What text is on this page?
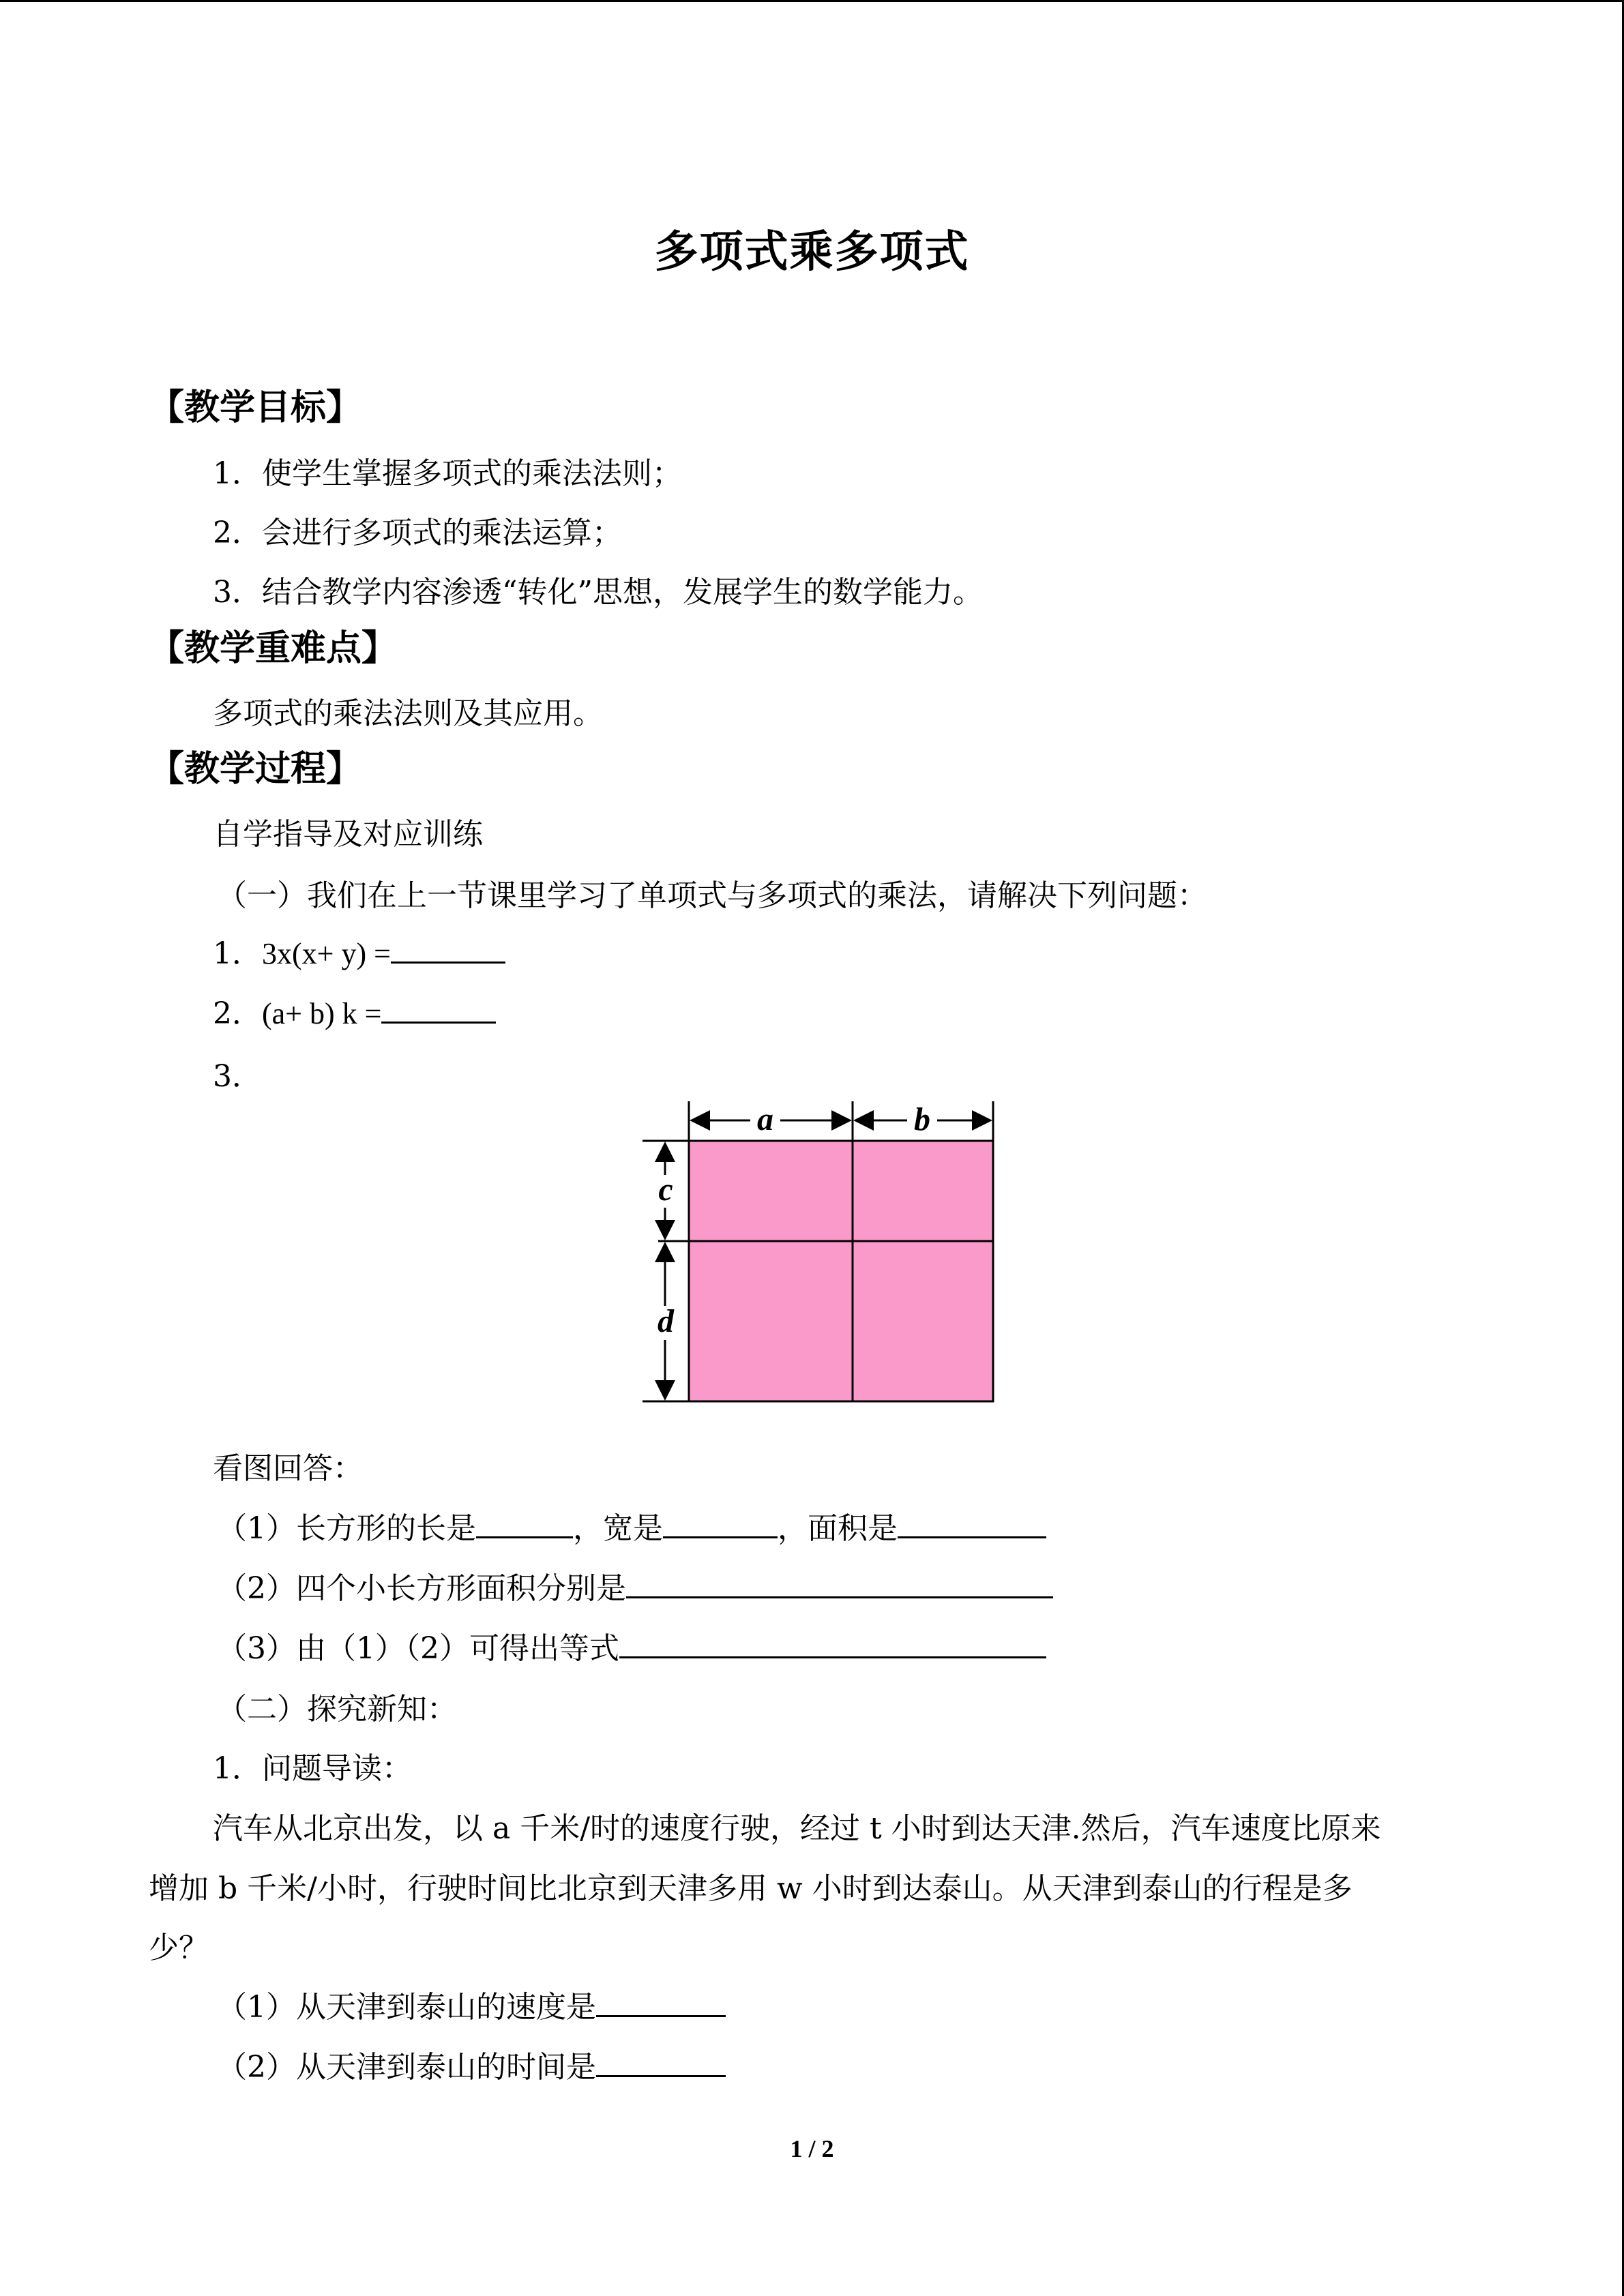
多项式乘多项式
【教学目标】
1．使学生掌握多项式的乘法法则；
2．会进行多项式的乘法运算；
3．结合教学内容渗透“转化”思想，发展学生的数学能力。
【教学重难点】
多项式的乘法法则及其应用。
【教学过程】
自学指导及对应训练
（一）我们在上一节课里学习了单项式与多项式的乘法，请解决下列问题：
1．3x(x+ y) =
2．(a+ b) k =
3．
a	b
c
d
看图回答：
（1）长方形的长是	，宽是	，面积是
（2）四个小长方形面积分别是
（3）由（1）（2）可得出等式
（二）探究新知：
1．问题导读：
汽车从北京出发，以 a 千米/时的速度行驶，经过 t 小时到达天津.然后，汽车速度比原来
增加 b 千米/小时，行驶时间比北京到天津多用 w 小时到达泰山。从天津到泰山的行程是多
少？
（1）从天津到泰山的速度是
（2）从天津到泰山的时间是
1 / 2
